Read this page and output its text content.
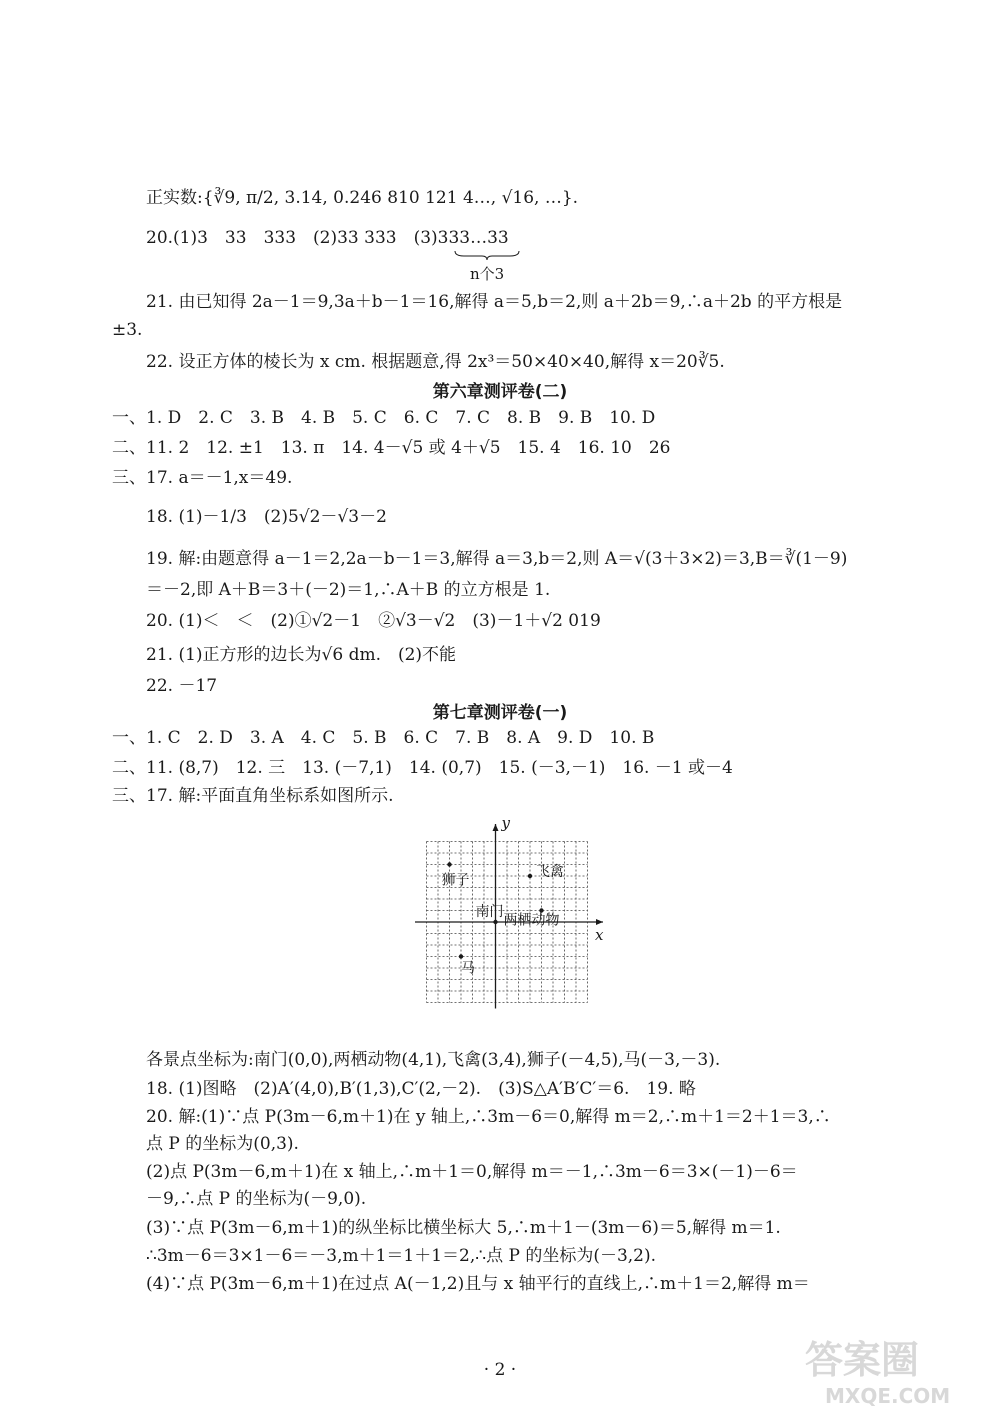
正实数:{∛9, π/2, 3.14, 0.246 810 121 4…, √16, …}.
20.(1)3　33　333　(2)33 333　(3)333…33
n个3
21. 由已知得 2a－1＝9,3a＋b－1＝16,解得 a＝5,b＝2,则 a＋2b＝9,∴a＋2b 的平方根是
±3.
22. 设正方体的棱长为 x cm. 根据题意,得 2x³＝50×40×40,解得 x＝20∛5.
第六章测评卷(二)
一、1. D　2. C　3. B　4. B　5. C　6. C　7. C　8. B　9. B　10. D
二、11. 2　12. ±1　13. π　14. 4－√5 或 4＋√5　15. 4　16. 10　26
三、17. a＝－1,x＝49.
18. (1)－1/3　(2)5√2－√3－2
19. 解:由题意得 a－1＝2,2a－b－1＝3,解得 a＝3,b＝2,则 A＝√(3＋3×2)＝3,B＝∛(1－9)
＝－2,即 A＋B＝3＋(－2)＝1,∴A＋B 的立方根是 1.
20. (1)＜　＜　(2)①√2－1　②√3－√2　(3)－1＋√2 019
21. (1)正方形的边长为√6 dm.　(2)不能
22. －17
第七章测评卷(一)
一、1. C　2. D　3. A　4. C　5. B　6. C　7. B　8. A　9. D　10. B
二、11. (8,7)　12. 三　13. (－7,1)　14. (0,7)　15. (－3,－1)　16. －1 或－4
三、17. 解:平面直角坐标系如图所示.
x
y
南门
两栖动物
飞禽
狮子
马
各景点坐标为:南门(0,0),两栖动物(4,1),飞禽(3,4),狮子(－4,5),马(－3,－3).
18. (1)图略　(2)A′(4,0),B′(1,3),C′(2,－2).　(3)S△A′B′C′＝6.　19. 略
20. 解:(1)∵点 P(3m－6,m＋1)在 y 轴上,∴3m－6＝0,解得 m＝2,∴m＋1＝2＋1＝3,∴
点 P 的坐标为(0,3).
(2)点 P(3m－6,m＋1)在 x 轴上,∴m＋1＝0,解得 m＝－1,∴3m－6＝3×(－1)－6＝
－9,∴点 P 的坐标为(－9,0).
(3)∵点 P(3m－6,m＋1)的纵坐标比横坐标大 5,∴m＋1－(3m－6)＝5,解得 m＝1.
∴3m－6＝3×1－6＝－3,m＋1＝1＋1＝2,∴点 P 的坐标为(－3,2).
(4)∵点 P(3m－6,m＋1)在过点 A(－1,2)且与 x 轴平行的直线上,∴m＋1＝2,解得 m＝
· 2 ·	答案圈
MXQE.COM
